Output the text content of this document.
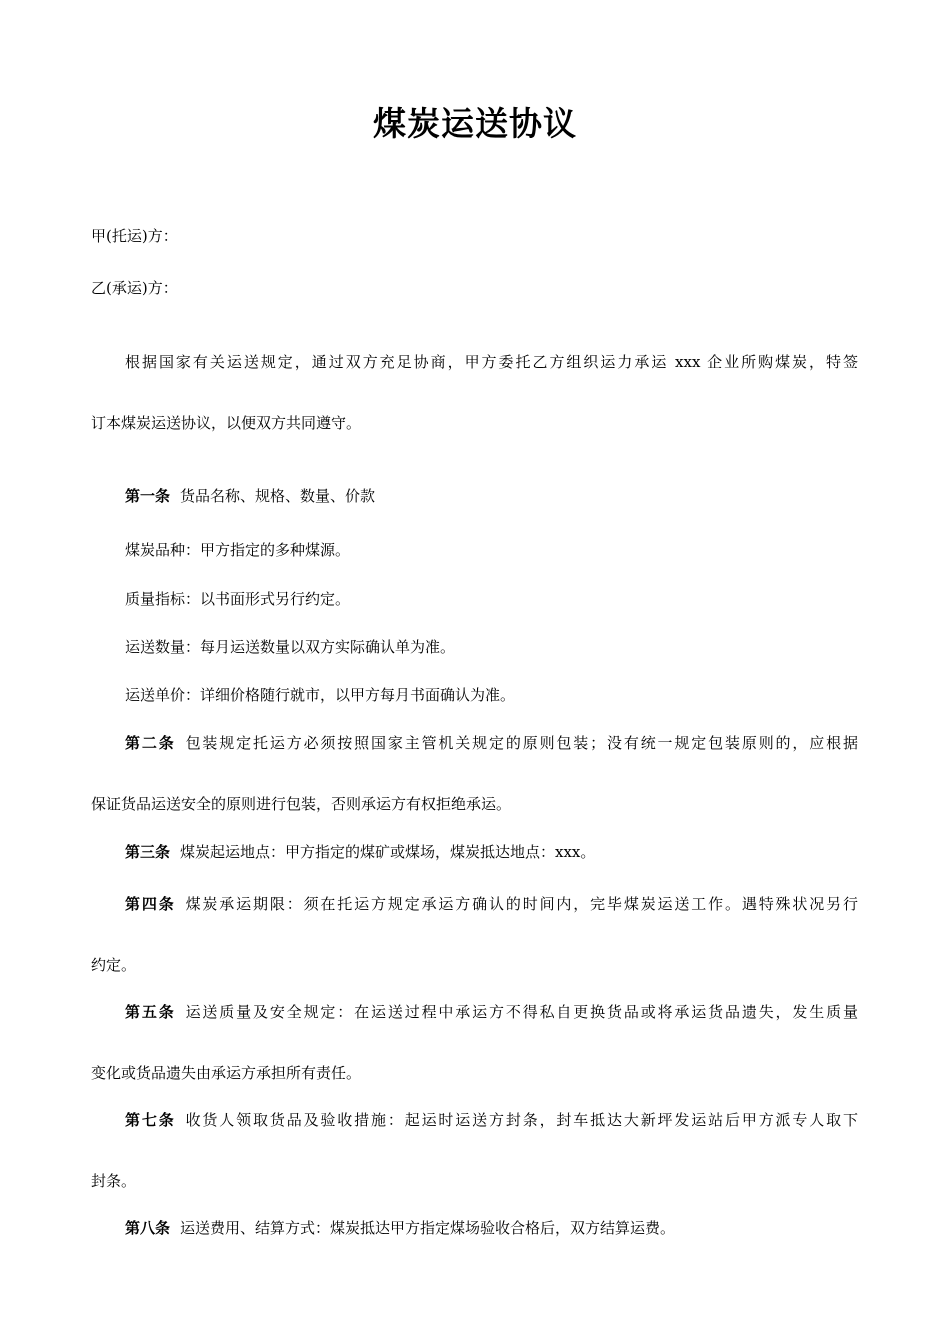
煤炭运送协议
甲(托运)方：
乙(承运)方：
根据国家有关运送规定，通过双方充足协商，甲方委托乙方组织运力承运 xxx 企业所购煤炭，特签
订本煤炭运送协议，以便双方共同遵守。
第一条 货品名称、规格、数量、价款
煤炭品种：甲方指定的多种煤源。
质量指标：以书面形式另行约定。
运送数量：每月运送数量以双方实际确认单为准。
运送单价：详细价格随行就市，以甲方每月书面确认为准。
第二条 包装规定托运方必须按照国家主管机关规定的原则包装；没有统一规定包装原则的，应根据
保证货品运送安全的原则进行包装，否则承运方有权拒绝承运。
第三条 煤炭起运地点：甲方指定的煤矿或煤场，煤炭抵达地点：xxx。
第四条 煤炭承运期限：须在托运方规定承运方确认的时间内，完毕煤炭运送工作。遇特殊状况另行
约定。
第五条 运送质量及安全规定：在运送过程中承运方不得私自更换货品或将承运货品遗失，发生质量
变化或货品遗失由承运方承担所有责任。
第七条 收货人领取货品及验收措施：起运时运送方封条，封车抵达大新坪发运站后甲方派专人取下
封条。
第八条 运送费用、结算方式：煤炭抵达甲方指定煤场验收合格后，双方结算运费。
